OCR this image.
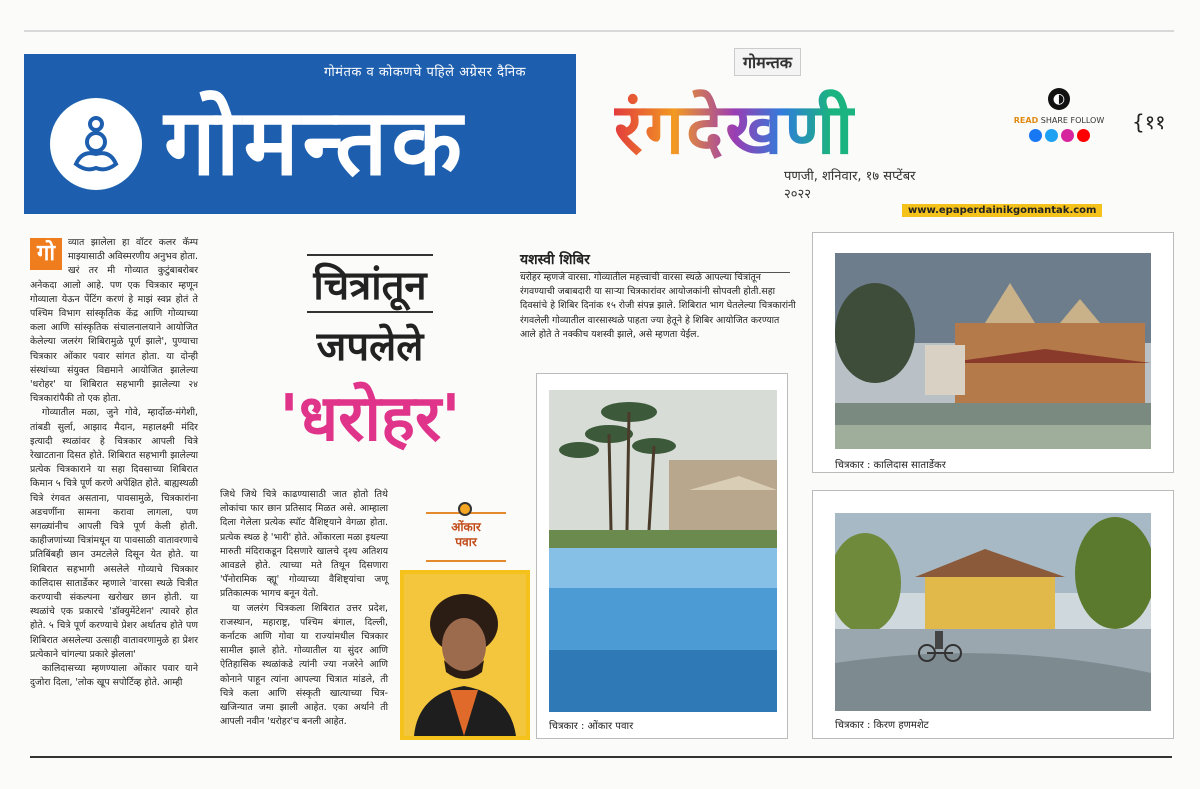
गोमंतक व कोकणचे पहिले अग्रेसर दैनिक
गोमन्तक
गोमन्तक
रंगदेखणी
पणजी, शनिवार, १७ सप्टेंबर २०२२
◐
READ SHARE FOLLOW	{११
www.epaperdainikgomantak.com
गो	व्यात झालेला हा वॉटर कलर कॅम्प माझ्यासाठी अविस्मरणीय अनुभव होता. खरं तर मी गोव्यात कुटुंबाबरोबर अनेकदा आलो आहे. पण एक चित्रकार म्हणून गोव्याला येऊन पेंटिंग करणं हे माझं स्वप्न होतं ते पश्चिम विभाग सांस्कृतिक केंद्र आणि गोव्याच्या कला आणि सांस्कृतिक संचालनालयाने आयोजित केलेल्या जलरंग शिबिरामुळे पूर्ण झाले', पुण्याचा चित्रकार ओंकार पवार सांगत होता. या दोन्ही संस्थांच्या संयुक्त विद्यमाने आयोजित झालेल्या 'धरोहर' या शिबिरात सहभागी झालेल्या २४ चित्रकारांपैकी तो एक होता.

गोव्यातील मळा, जुने गोवे, म्हार्दोळ-मंगेशी, तांबडी सुर्ला, आझाद मैदान, महालक्ष्मी मंदिर इत्यादी स्थळांवर हे चित्रकार आपली चित्रे रेखाटताना दिसत होते. शिबिरात सहभागी झालेल्या प्रत्येक चित्रकाराने या सहा दिवसाच्या शिबिरात किमान ५ चित्रे पूर्ण करणे अपेक्षित होते. बाह्यस्थळी चित्रे रंगवत असताना, पावसामुळे, चित्रकारांना अडचणींना सामना करावा लागला, पण सगळ्यांनीच आपली चित्रे पूर्ण केली होती. काहीजणांच्या चित्रांमधून या पावसाळी वातावरणाचे प्रतिबिंबही छान उमटलेले दिसून येत होते. या शिबिरात सहभागी असलेले गोव्याचे चित्रकार कालिदास सातार्डेकर म्हणाले 'वारसा स्थळे चित्रीत करण्याची संकल्पना खरोखर छान होती. या स्थळांचे एक प्रकारचे 'डॉक्युमेंटेशन' त्यावरे होत होते. ५ चित्रे पूर्ण करण्याचे प्रेशर अर्थातच होते पण शिबिरात असलेल्या उत्साही वातावरणामुळे हा प्रेशर प्रत्येकाने चांगल्या प्रकारे झेलला'

कालिदासच्या म्हणण्याला ओंकार पवार याने दुजोरा दिला, 'लोक खूप सपोर्टिव्ह होते. आम्ही

चित्रांतून
जपलेले
'धरोहर'

जिथे जिथे चित्रे काढण्यासाठी जात होतो तिथे लोकांचा फार छान प्रतिसाद मिळत असे. आम्हाला दिला गेलेला प्रत्येक स्पॉट वैशिष्ट्याने वेगळा होता. प्रत्येक स्थळ हे 'भारी' होते. ओंकारला मळा इथल्या मारुती मंदिराकडून दिसणारे खालचे दृश्य अतिशय आवडले होते. त्याच्या मते तिथून दिसणारा 'पॅनोरामिक व्ह्यू' गोव्याच्या वैशिष्ट्यांचा जणू प्रतिकात्मक भागच बनून येतो.

या जलरंग चित्रकला शिबिरात उत्तर प्रदेश, राजस्थान, महाराष्ट्र, पश्चिम बंगाल, दिल्ली, कर्नाटक आणि गोवा या राज्यांमधील चित्रकार सामील झाले होते. गोव्यातील या सुंदर आणि ऐतिहासिक स्थळांकडे त्यांनी ज्या नजरेने आणि कोनाने पाहून त्यांना आपल्या चित्रात मांडले, ती चित्रे कला आणि संस्कृती खात्याच्या चित्र-खजिन्यात जमा झाली आहेत. एका अर्थाने ती आपली नवीन 'धरोहर'च बनली आहेत.

ओंकार
पवार
यशस्वी शिबिर
धरोहर म्हणजे वारसा. गोव्यातील महत्त्वाची वारसा स्थळे आपल्या चित्रांतून रंगवण्याची जबाबदारी या साऱ्या चित्रकारांवर आयोजकांनी सोपवली होती.सहा दिवसांचे हे शिबिर दिनांक १५ रोजी संपन्न झाले. शिबिरात भाग घेतलेल्या चित्रकारांनी रंगवलेली गोव्यातील वारसास्थळे पाहता ज्या हेतूने हे शिबिर आयोजित करण्यात आले होते ते नक्कीच यशस्वी झाले, असे म्हणता येईल.
चित्रकार : ओंकार पवार
चित्रकार : कालिदास सातार्डेकर
चित्रकार : किरण हणमशेट
